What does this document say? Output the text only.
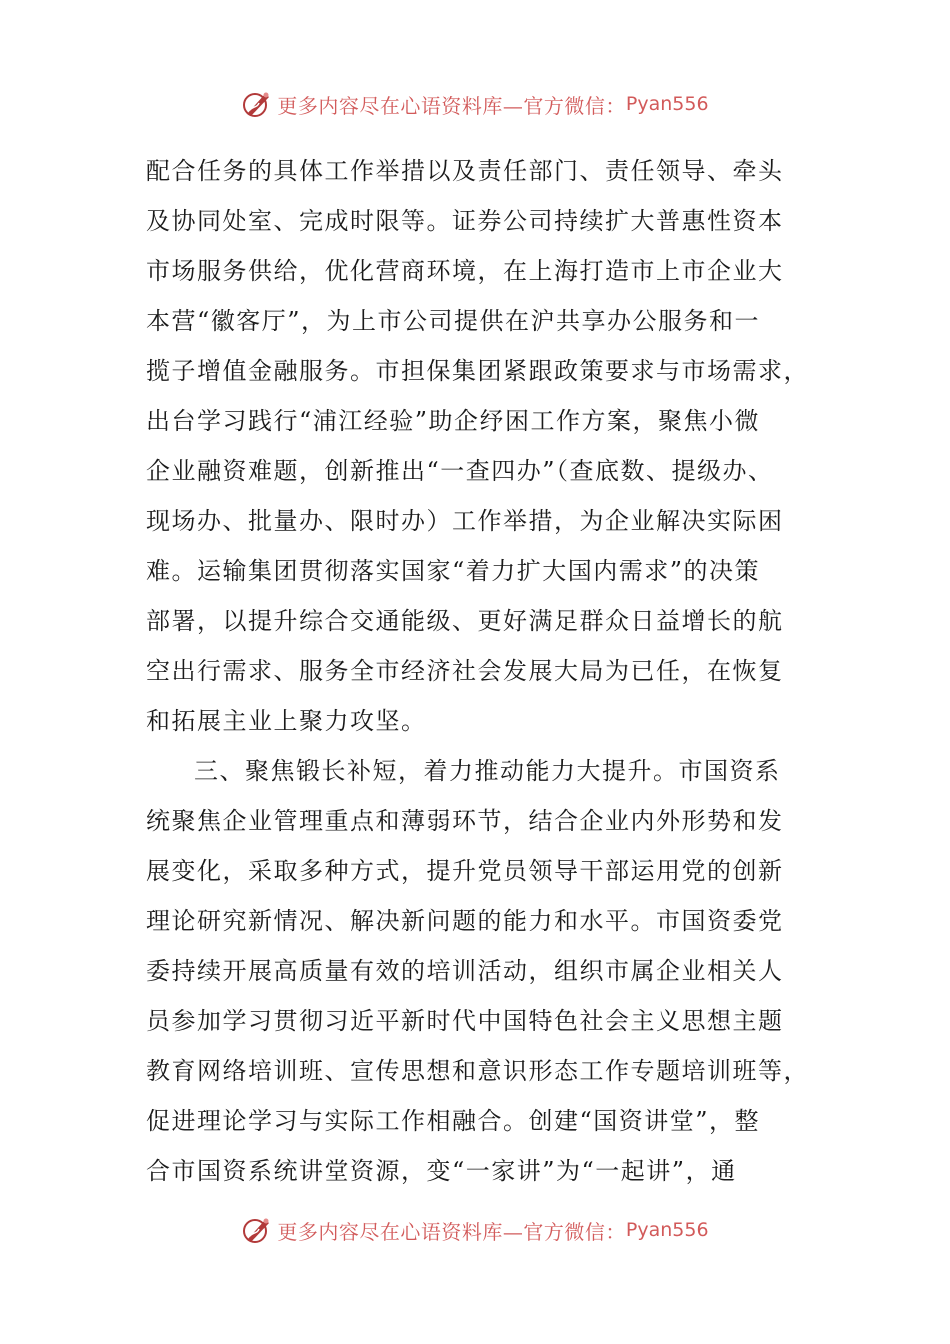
更多内容尽在心语资料库—官方微信： Pyan556
配合任务的具体工作举措以及责任部门、责任领导、牵头
及协同处室、完成时限等。证券公司持续扩大普惠性资本
市场服务供给，优化营商环境，在上海打造市上市企业大
本营“徽客厅”，为上市公司提供在沪共享办公服务和一
揽子增值金融服务。市担保集团紧跟政策要求与市场需求，
出台学习践行“浦江经验”助企纾困工作方案，聚焦小微
企业融资难题，创新推出“一查四办”（查底数、提级办、
现场办、批量办、限时办）工作举措，为企业解决实际困
难。运输集团贯彻落实国家“着力扩大国内需求”的决策
部署，以提升综合交通能级、更好满足群众日益增长的航
空出行需求、服务全市经济社会发展大局为已任，在恢复
和拓展主业上聚力攻坚。
三、聚焦锻长补短，着力推动能力大提升。市国资系
统聚焦企业管理重点和薄弱环节，结合企业内外形势和发
展变化，采取多种方式，提升党员领导干部运用党的创新
理论研究新情况、解决新问题的能力和水平。市国资委党
委持续开展高质量有效的培训活动，组织市属企业相关人
员参加学习贯彻习近平新时代中国特色社会主义思想主题
教育网络培训班、宣传思想和意识形态工作专题培训班等，
促进理论学习与实际工作相融合。创建“国资讲堂”，整
合市国资系统讲堂资源，变“一家讲”为“一起讲”，通
更多内容尽在心语资料库—官方微信： Pyan556
